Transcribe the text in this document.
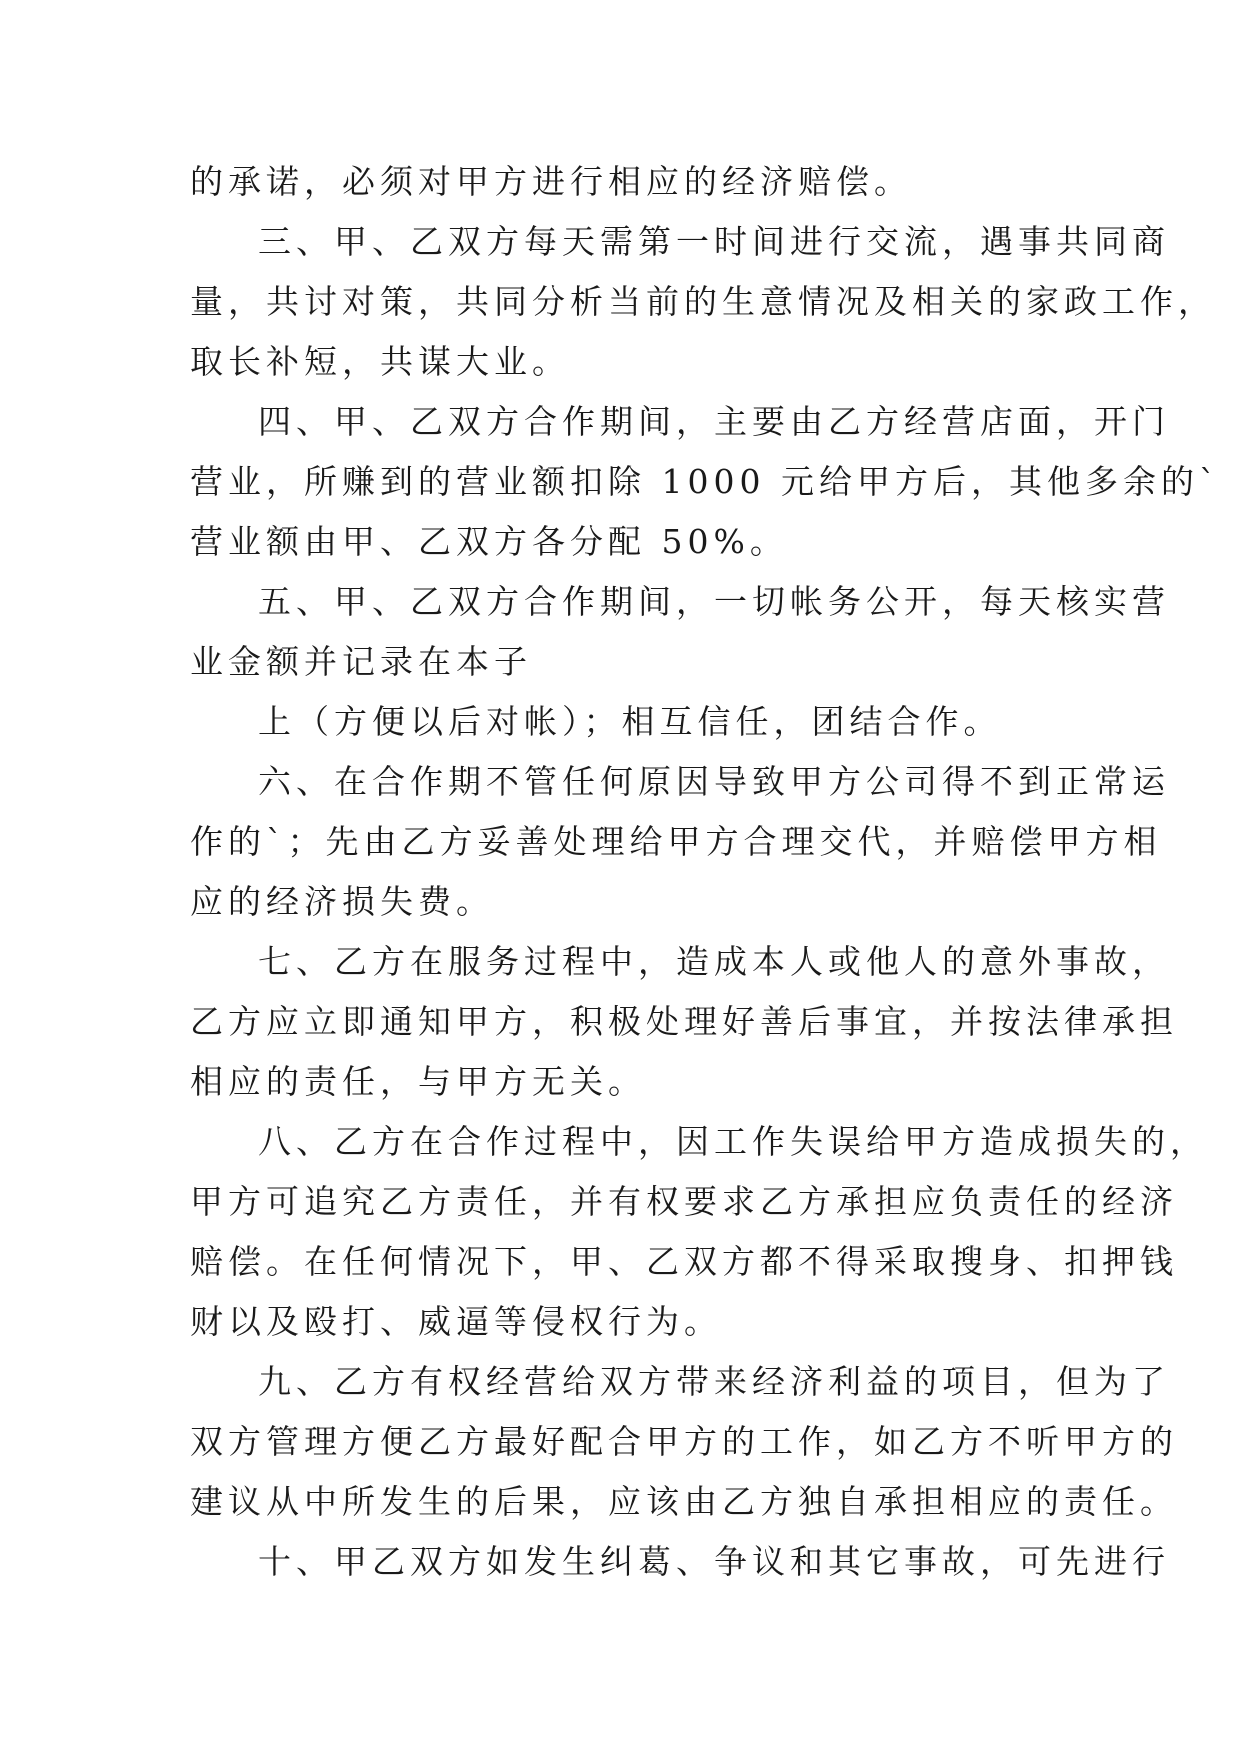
的承诺，必须对甲方进行相应的经济赔偿。
三、甲、乙双方每天需第一时间进行交流，遇事共同商
量，共讨对策，共同分析当前的生意情况及相关的家政工作，
取长补短，共谋大业。
四、甲、乙双方合作期间，主要由乙方经营店面，开门
营业，所赚到的营业额扣除 1000 元给甲方后，其他多余的`
营业额由甲、乙双方各分配 50%。
五、甲、乙双方合作期间，一切帐务公开，每天核实营
业金额并记录在本子
上（方便以后对帐）；相互信任，团结合作。
六、在合作期不管任何原因导致甲方公司得不到正常运
作的`；先由乙方妥善处理给甲方合理交代，并赔偿甲方相
应的经济损失费。
七、乙方在服务过程中，造成本人或他人的意外事故，
乙方应立即通知甲方，积极处理好善后事宜，并按法律承担
相应的责任，与甲方无关。
八、乙方在合作过程中，因工作失误给甲方造成损失的，
甲方可追究乙方责任，并有权要求乙方承担应负责任的经济
赔偿。在任何情况下，甲、乙双方都不得采取搜身、扣押钱
财以及殴打、威逼等侵权行为。
九、乙方有权经营给双方带来经济利益的项目，但为了
双方管理方便乙方最好配合甲方的工作，如乙方不听甲方的
建议从中所发生的后果，应该由乙方独自承担相应的责任。
十、甲乙双方如发生纠葛、争议和其它事故，可先进行
